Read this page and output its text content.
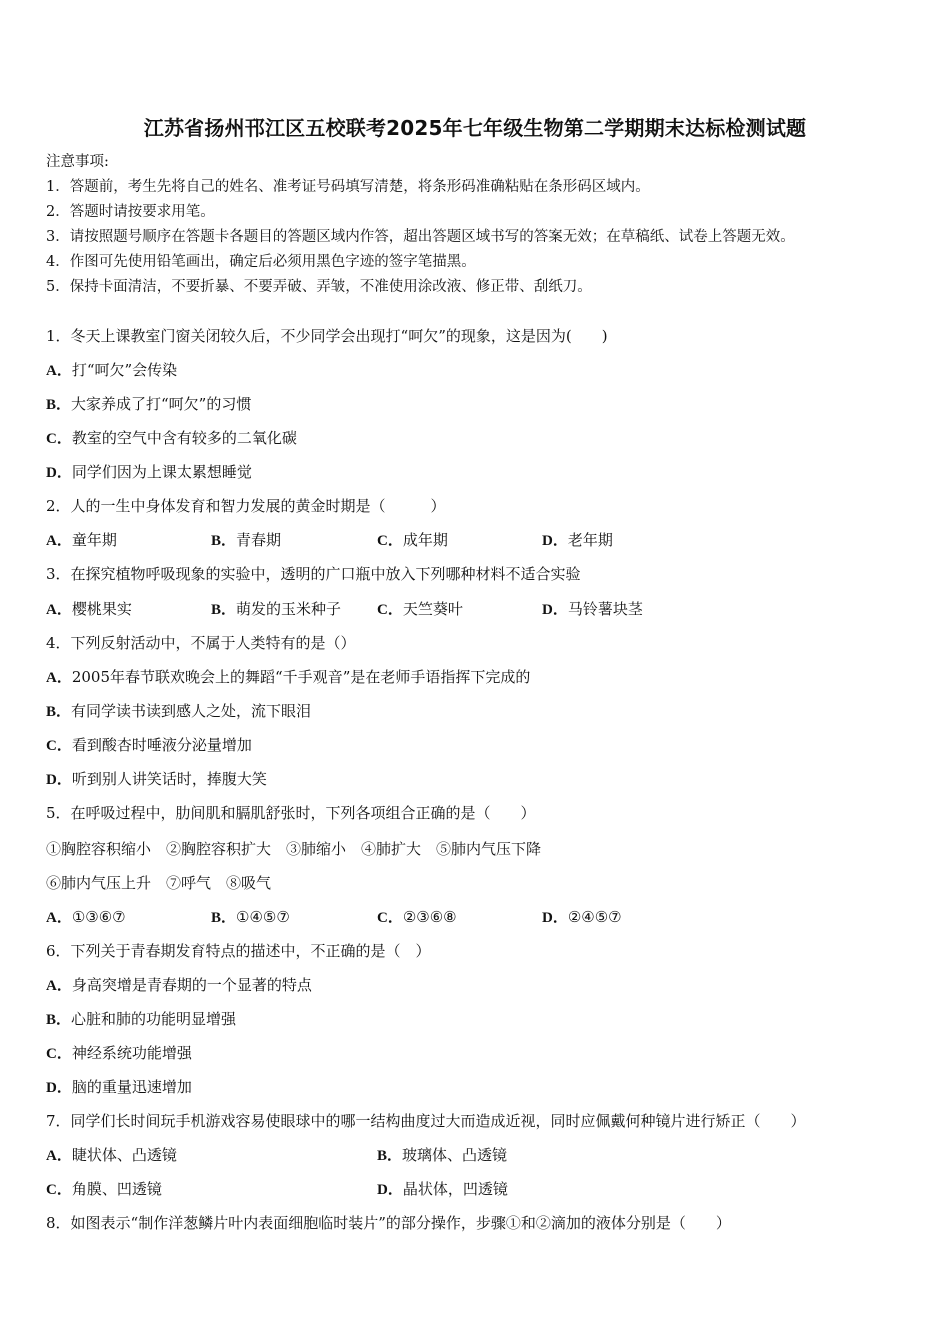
江苏省扬州邗江区五校联考2025年七年级生物第二学期期末达标检测试题
注意事项:
1．答题前，考生先将自己的姓名、准考证号码填写清楚，将条形码准确粘贴在条形码区域内。
2．答题时请按要求用笔。
3．请按照题号顺序在答题卡各题目的答题区域内作答，超出答题区域书写的答案无效；在草稿纸、试卷上答题无效。
4．作图可先使用铅笔画出，确定后必须用黑色字迹的签字笔描黑。
5．保持卡面清洁，不要折暴、不要弄破、弄皱，不准使用涂改液、修正带、刮纸刀。
1．冬天上课教室门窗关闭较久后，不少同学会出现打“呵欠”的现象，这是因为(　　)
A．打“呵欠”会传染
B．大家养成了打“呵欠”的习惯
C．教室的空气中含有较多的二氧化碳
D．同学们因为上课太累想睡觉
2．人的一生中身体发育和智力发展的黄金时期是（　　　）
A．童年期	B．青春期	C．成年期	D．老年期
3．在探究植物呼吸现象的实验中，透明的广口瓶中放入下列哪种材料不适合实验
A．樱桃果实	B．萌发的玉米种子 C．天竺葵叶	D．马铃薯块茎
4．下列反射活动中，不属于人类特有的是（）
A．2005年春节联欢晚会上的舞蹈“千手观音”是在老师手语指挥下完成的
B．有同学读书读到感人之处，流下眼泪
C．看到酸杏时唾液分泌量增加
D．听到别人讲笑话时，捧腹大笑
5．在呼吸过程中，肋间肌和膈肌舒张时，下列各项组合正确的是（　　）
①胸腔容积缩小　②胸腔容积扩大　③肺缩小　④肺扩大　⑤肺内气压下降
⑥肺内气压上升　⑦呼气　⑧吸气
A．①③⑥⑦	B．①④⑤⑦	C．②③⑥⑧	D．②④⑤⑦
6．下列关于青春期发育特点的描述中，不正确的是（　）
A．身高突增是青春期的一个显著的特点
B．心脏和肺的功能明显增强
C．神经系统功能增强
D．脑的重量迅速增加
7．同学们长时间玩手机游戏容易使眼球中的哪一结构曲度过大而造成近视，同时应佩戴何种镜片进行矫正（　　）
A．睫状体、凸透镜	B．玻璃体、凸透镜
C．角膜、凹透镜	D．晶状体，凹透镜
8．如图表示“制作洋葱鳞片叶内表面细胞临时装片”的部分操作，步骤①和②滴加的液体分别是（　　）
